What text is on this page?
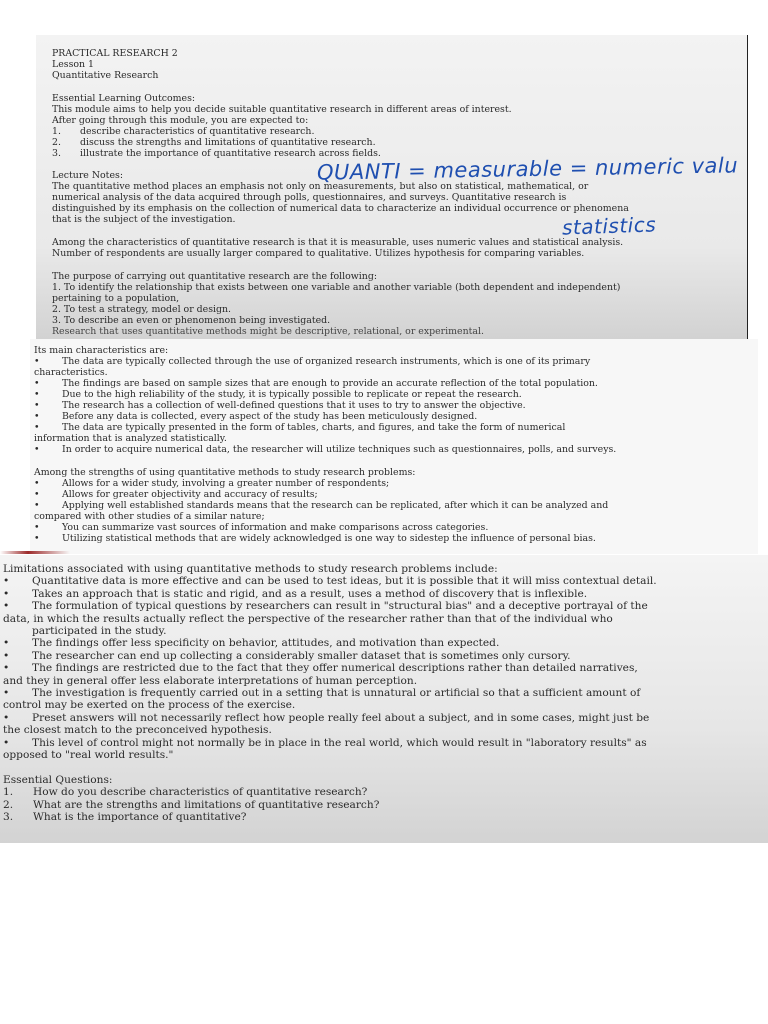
PRACTICAL RESEARCH 2
Lesson 1
Quantitative Research
Essential Learning Outcomes:
This module aims to help you decide suitable quantitative research in different areas of interest.
After going through this module, you are expected to:
1. describe characteristics of quantitative research.
2. discuss the strengths and limitations of quantitative research.
3. illustrate the importance of quantitative research across fields.
Lecture Notes:
The quantitative method places an emphasis not only on measurements, but also on statistical, mathematical, or
numerical analysis of the data acquired through polls, questionnaires, and surveys. Quantitative research is
distinguished by its emphasis on the collection of numerical data to characterize an individual occurrence or phenomena
that is the subject of the investigation.
Among the characteristics of quantitative research is that it is measurable, uses numeric values and statistical analysis.
Number of respondents are usually larger compared to qualitative. Utilizes hypothesis for comparing variables.
The purpose of carrying out quantitative research are the following:
1. To identify the relationship that exists between one variable and another variable (both dependent and independent)
pertaining to a population,
2. To test a strategy, model or design.
3. To describe an even or phenomenon being investigated.
Research that uses quantitative methods might be descriptive, relational, or experimental.
QUANTI = measurable = numeric valu
statistics
Its main characteristics are:
• The data are typically collected through the use of organized research instruments, which is one of its primary
characteristics.
• The findings are based on sample sizes that are enough to provide an accurate reflection of the total population.
• Due to the high reliability of the study, it is typically possible to replicate or repeat the research.
• The research has a collection of well-defined questions that it uses to try to answer the objective.
• Before any data is collected, every aspect of the study has been meticulously designed.
• The data are typically presented in the form of tables, charts, and figures, and take the form of numerical
information that is analyzed statistically.
• In order to acquire numerical data, the researcher will utilize techniques such as questionnaires, polls, and surveys.
Among the strengths of using quantitative methods to study research problems:
• Allows for a wider study, involving a greater number of respondents;
• Allows for greater objectivity and accuracy of results;
• Applying well established standards means that the research can be replicated, after which it can be analyzed and
compared with other studies of a similar nature;
• You can summarize vast sources of information and make comparisons across categories.
• Utilizing statistical methods that are widely acknowledged is one way to sidestep the influence of personal bias.
Limitations associated with using quantitative methods to study research problems include:
• Quantitative data is more effective and can be used to test ideas, but it is possible that it will miss contextual detail.
• Takes an approach that is static and rigid, and as a result, uses a method of discovery that is inflexible.
• The formulation of typical questions by researchers can result in "structural bias" and a deceptive portrayal of the
data, in which the results actually reflect the perspective of the researcher rather than that of the individual who
participated in the study.
• The findings offer less specificity on behavior, attitudes, and motivation than expected.
• The researcher can end up collecting a considerably smaller dataset that is sometimes only cursory.
• The findings are restricted due to the fact that they offer numerical descriptions rather than detailed narratives,
and they in general offer less elaborate interpretations of human perception.
• The investigation is frequently carried out in a setting that is unnatural or artificial so that a sufficient amount of
control may be exerted on the process of the exercise.
• Preset answers will not necessarily reflect how people really feel about a subject, and in some cases, might just be
the closest match to the preconceived hypothesis.
• This level of control might not normally be in place in the real world, which would result in "laboratory results" as
opposed to "real world results."
Essential Questions:
1. How do you describe characteristics of quantitative research?
2. What are the strengths and limitations of quantitative research?
3. What is the importance of quantitative?
